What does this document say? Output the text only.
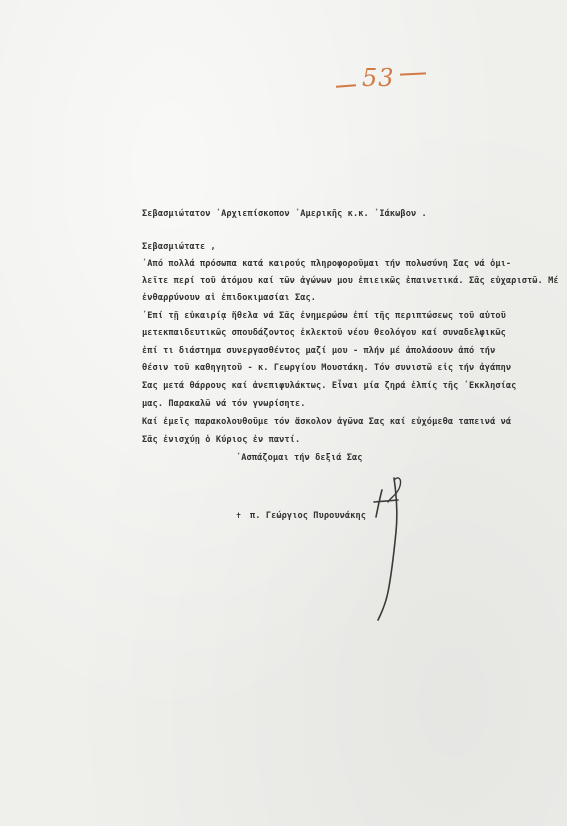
53
Σεβασμιώτατον ᾿Αρχιεπίσκοπον ᾿Αμερικῆς κ.κ. ᾿Ιάκωβον .
Σεβασμιώτατε ,
᾿Από πολλά πρόσωπα κατά καιρούς πληροφοροῦμαι τήν πολωσύνη Σας νά ὁμι-
λεῖτε περί τοῦ ἀτόμου καί τῶν ἀγώνων μου ἐπιεικῶς ἐπαινετικά. Σᾶς εὐχαριστῶ. Μέ
ἐνθαρρύνουν αἱ ἐπιδοκιμασίαι Σας.
᾿Επί τῇ εὐκαιρίᾳ ἤθελα νά Σᾶς ἐνημερώσω ἐπί τῆς περιπτώσεως τοῦ αὐτοῦ
μετεκπαιδευτικῶς σπουδάζοντος ἐκλεκτοῦ νέου θεολόγου καί συναδελφικῶς
ἐπί τι διάστημα συνεργασθέντος μαζί μου - πλήν μέ ἀπολάσουν ἀπό τήν
θέσιν τοῦ καθηγητοῦ - κ. Γεωργίου Μουστάκη. Τόν συνιστῶ εἰς τήν ἀγάπην
Σας μετά θάρρους καί ἀνεπιφυλάκτως. Εἶναι μία ζηρά ἐλπίς τῆς ᾿Εκκλησίας
μας. Παρακαλῶ νά τόν γνωρίσητε.
Καί ἐμεῖς παρακολουθοῦμε τόν ἄσκολον ἀγῶνα Σας καί εὐχόμεθα ταπεινά νά
Σᾶς ἐνισχύῃ ὁ Κύριος ἐν παντί.
᾿Ασπάζομαι τήν δεξιά Σας
✝ π. Γεώργιος Πυρουνάκης
